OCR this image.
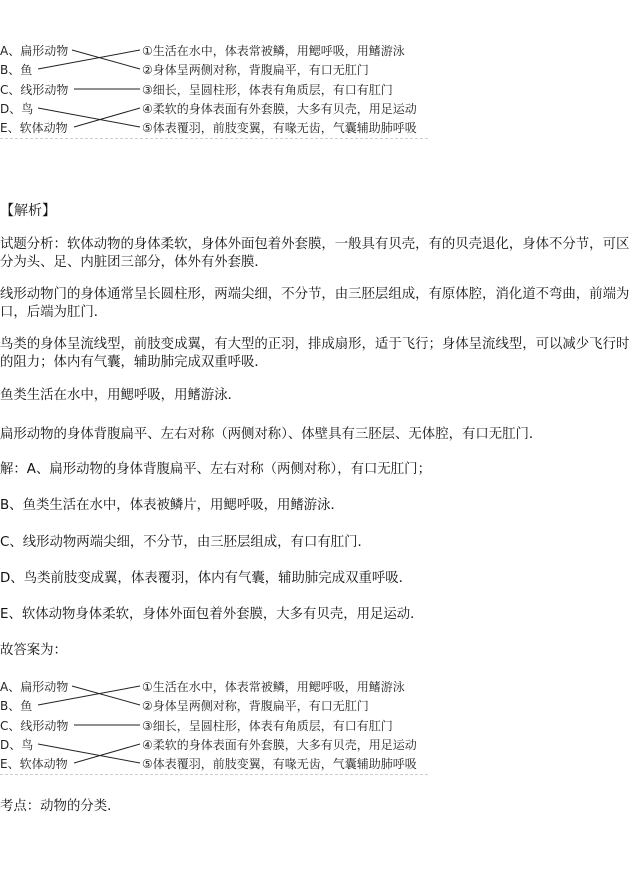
A、扁形动物
B、鱼
C、线形动物
D、鸟
E、软体动物
①生活在水中，体表常被鳞，用鳃呼吸，用鳍游泳
②身体呈两侧对称，背腹扁平，有口无肛门
③细长，呈圆柱形，体表有角质层，有口有肛门
④柔软的身体表面有外套膜，大多有贝壳，用足运动
⑤体表覆羽，前肢变翼，有喙无齿，气囊辅助肺呼吸
【解析】
试题分析：软体动物的身体柔软，身体外面包着外套膜，一般具有贝壳，有的贝壳退化，身体不分节，可区分为头、足、内脏团三部分，体外有外套膜．
线形动物门的身体通常呈长圆柱形，两端尖细，不分节，由三胚层组成，有原体腔，消化道不弯曲，前端为口，后端为肛门．
鸟类的身体呈流线型，前肢变成翼，有大型的正羽，排成扇形，适于飞行；身体呈流线型，可以减少飞行时的阻力；体内有气囊，辅助肺完成双重呼吸．
鱼类生活在水中，用鳃呼吸，用鳍游泳．
扁形动物的身体背腹扁平、左右对称（两侧对称）、体壁具有三胚层、无体腔，有口无肛门．
解：A、扁形动物的身体背腹扁平、左右对称（两侧对称），有口无肛门；
B、鱼类生活在水中，体表被鳞片，用鳃呼吸，用鳍游泳．
C、线形动物两端尖细，不分节，由三胚层组成，有口有肛门．
D、鸟类前肢变成翼，体表覆羽，体内有气囊，辅助肺完成双重呼吸．
E、软体动物身体柔软，身体外面包着外套膜，大多有贝壳，用足运动．
故答案为：
A、扁形动物
B、鱼
C、线形动物
D、鸟
E、软体动物
①生活在水中，体表常被鳞，用鳃呼吸，用鳍游泳
②身体呈两侧对称，背腹扁平，有口无肛门
③细长，呈圆柱形，体表有角质层，有口有肛门
④柔软的身体表面有外套膜，大多有贝壳，用足运动
⑤体表覆羽，前肢变翼，有喙无齿，气囊辅助肺呼吸
考点：动物的分类．
